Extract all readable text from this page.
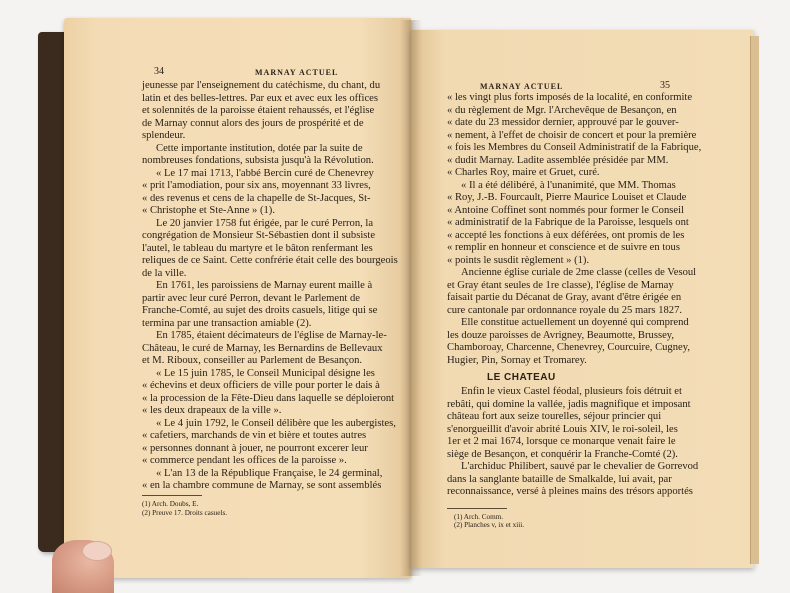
34	MARNAY ACTUEL
jeunesse par l'enseignement du catéchisme, du chant, du
latin et des belles-lettres. Par eux et avec eux les offices
et solennités de la paroisse étaient rehaussés, et l'église
de Marnay connut alors des jours de prospérité et de
splendeur.
Cette importante institution, dotée par la suite de
nombreuses fondations, subsista jusqu'à la Révolution.
« Le 17 mai 1713, l'abbé Bercin curé de Chenevrey
« prit l'amodiation, pour six ans, moyennant 33 livres,
« des revenus et cens de la chapelle de St-Jacques, St-
« Christophe et Ste-Anne » (1).
Le 20 janvier 1758 fut érigée, par le curé Perron, la
congrégation de Monsieur St-Sébastien dont il subsiste
l'autel, le tableau du martyre et le bâton renfermant les
reliques de ce Saint. Cette confrérie était celle des bourgeois
de la ville.
En 1761, les paroissiens de Marnay eurent maille à
partir avec leur curé Perron, devant le Parlement de
Franche-Comté, au sujet des droits casuels, litige qui se
termina par une transaction amiable (2).
En 1785, étaient décimateurs de l'église de Marnay-le-
Château, le curé de Marnay, les Bernardins de Bellevaux
et M. Riboux, conseiller au Parlement de Besançon.
« Le 15 juin 1785, le Conseil Municipal désigne les
« échevins et deux officiers de ville pour porter le dais à
« la procession de la Fête-Dieu dans laquelle se déploieront
« les deux drapeaux de la ville ».
« Le 4 juin 1792, le Conseil délibère que les aubergistes,
« cafetiers, marchands de vin et bière et toutes autres
« personnes donnant à jouer, ne pourront excerer leur
« commerce pendant les offices de la paroisse ».
« L'an 13 de la République Française, le 24 germinal,
« en la chambre commune de Marnay, se sont assemblés
(1) Arch. Doubs, E.
(2) Preuve 17. Droits casuels.
MARNAY ACTUEL	35
« les vingt plus forts imposés de la localité, en conformite
« du règlement de Mgr. l'Archevêque de Besançon, en
« date du 23 messidor dernier, approuvé par le gouver-
« nement, à l'effet de choisir de concert et pour la première
« fois les Membres du Conseil Administratif de la Fabrique,
« dudit Marnay. Ladite assemblée présidée par MM.
« Charles Roy, maire et Gruet, curé.
« Il a été délibéré, à l'unanimité, que MM. Thomas
« Roy, J.-B. Fourcault, Pierre Maurice Louiset et Claude
« Antoine Coffinet sont nommés pour former le Conseil
« administratif de la Fabrique de la Paroisse, lesquels ont
« accepté les fonctions à eux déférées, ont promis de les
« remplir en honneur et conscience et de suivre en tous
« points le susdit règlement » (1).
Ancienne église curiale de 2me classe (celles de Vesoul
et Gray étant seules de 1re classe), l'église de Marnay
faisait partie du Décanat de Gray, avant d'être érigée en
cure cantonale par ordonnance royale du 25 mars 1827.
Elle constitue actuellement un doyenné qui comprend
les douze paroisses de Avrigney, Beaumotte, Brussey,
Chamboroay, Charcenne, Chenevrey, Courcuire, Cugney,
Hugier, Pin, Sornay et Tromarey.
LE CHATEAU
Enfin le vieux Castel féodal, plusieurs fois détruit et
rebâti, qui domine la vallée, jadis magnifique et imposant
château fort aux seize tourelles, séjour princier qui
s'enorgueillit d'avoir abrité Louis XIV, le roi-soleil, les
1er et 2 mai 1674, lorsque ce monarque venait faire le
siège de Besançon, et conquérir la Franche-Comté (2).
L'archiduc Philibert, sauvé par le chevalier de Gorrevod
dans la sanglante bataille de Smalkalde, lui avait, par
reconnaissance, versé à pleines mains des trésors apportés
(1) Arch. Comm.
(2) Planches v, ix et xiii.
